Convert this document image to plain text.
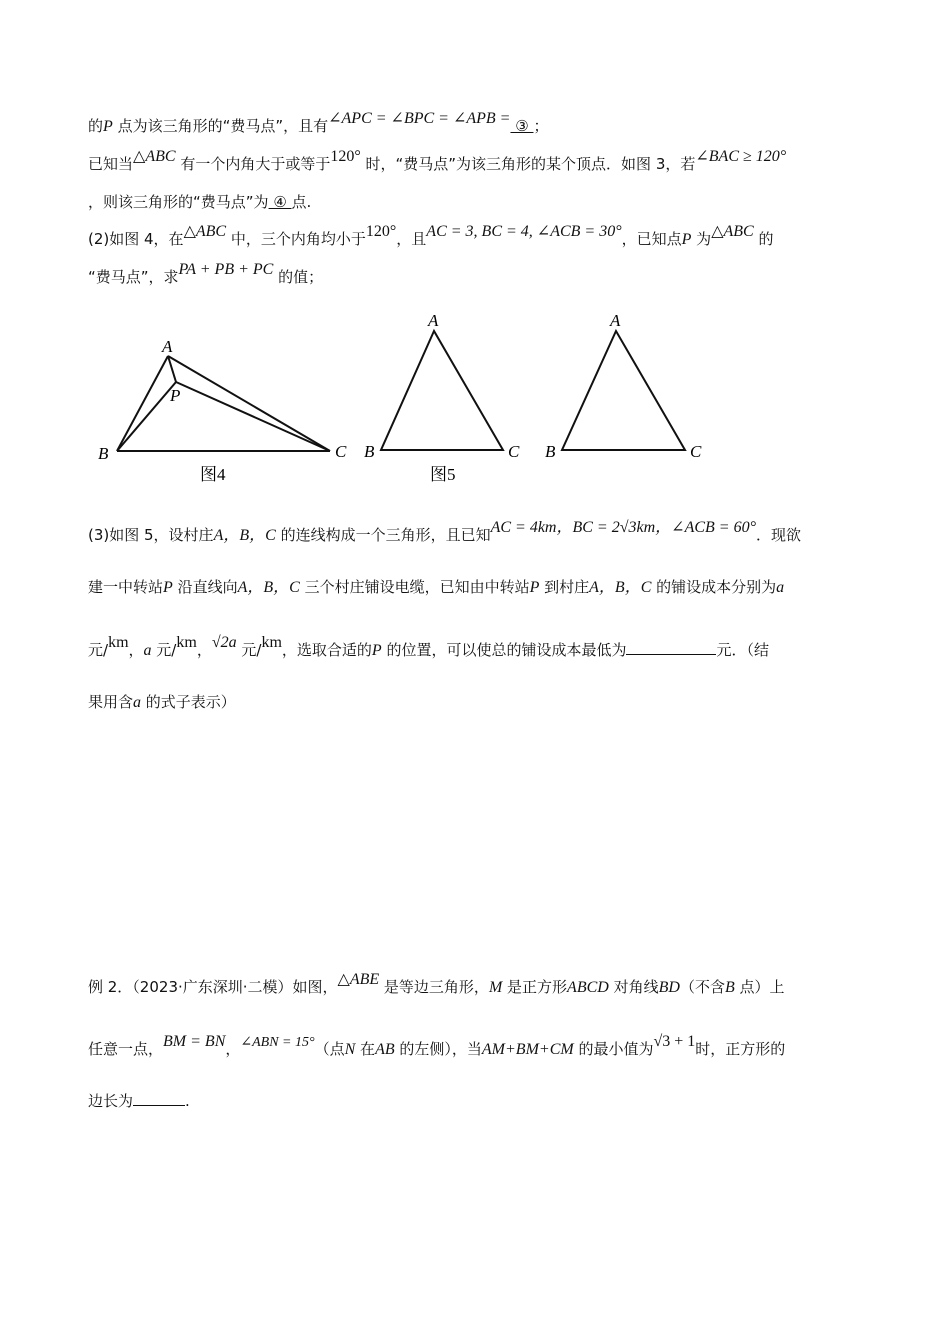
的P 点为该三角形的“费马点”，且有∠APC = ∠BPC = ∠APB = ③ ；
已知当△ABC 有一个内角大于或等于120° 时，“费马点”为该三角形的某个顶点．如图 3，若∠BAC ≥ 120°
，则该三角形的“费马点”为 ④ 点.
(2)如图 4，在△ABC 中，三个内角均小于120°，且AC = 3, BC = 4, ∠ACB = 30°，已知点P 为△ABC 的
“费马点”，求PA + PB + PC 的值；
A
P
B	C
图4
A
B	C
图5
A
B	C
(3)如图 5，设村庄A，B，C 的连线构成一个三角形，且已知AC = 4km，BC = 2√3km，∠ACB = 60°．现欲
建一中转站P 沿直线向A，B，C 三个村庄铺设电缆，已知由中转站P 到村庄A，B，C 的铺设成本分别为a
元/km，a 元/km，√2a 元/km，选取合适的P 的位置，可以使总的铺设成本最低为	元．（结
果用含a 的式子表示）
例 2．（2023·广东深圳·二模）如图，△ABE 是等边三角形，M 是正方形ABCD 对角线BD（不含B 点）上
任意一点，BM = BN，∠ABN = 15°（点N 在AB 的左侧），当AM+BM+CM 的最小值为√3 + 1时，正方形的
边长为	.
